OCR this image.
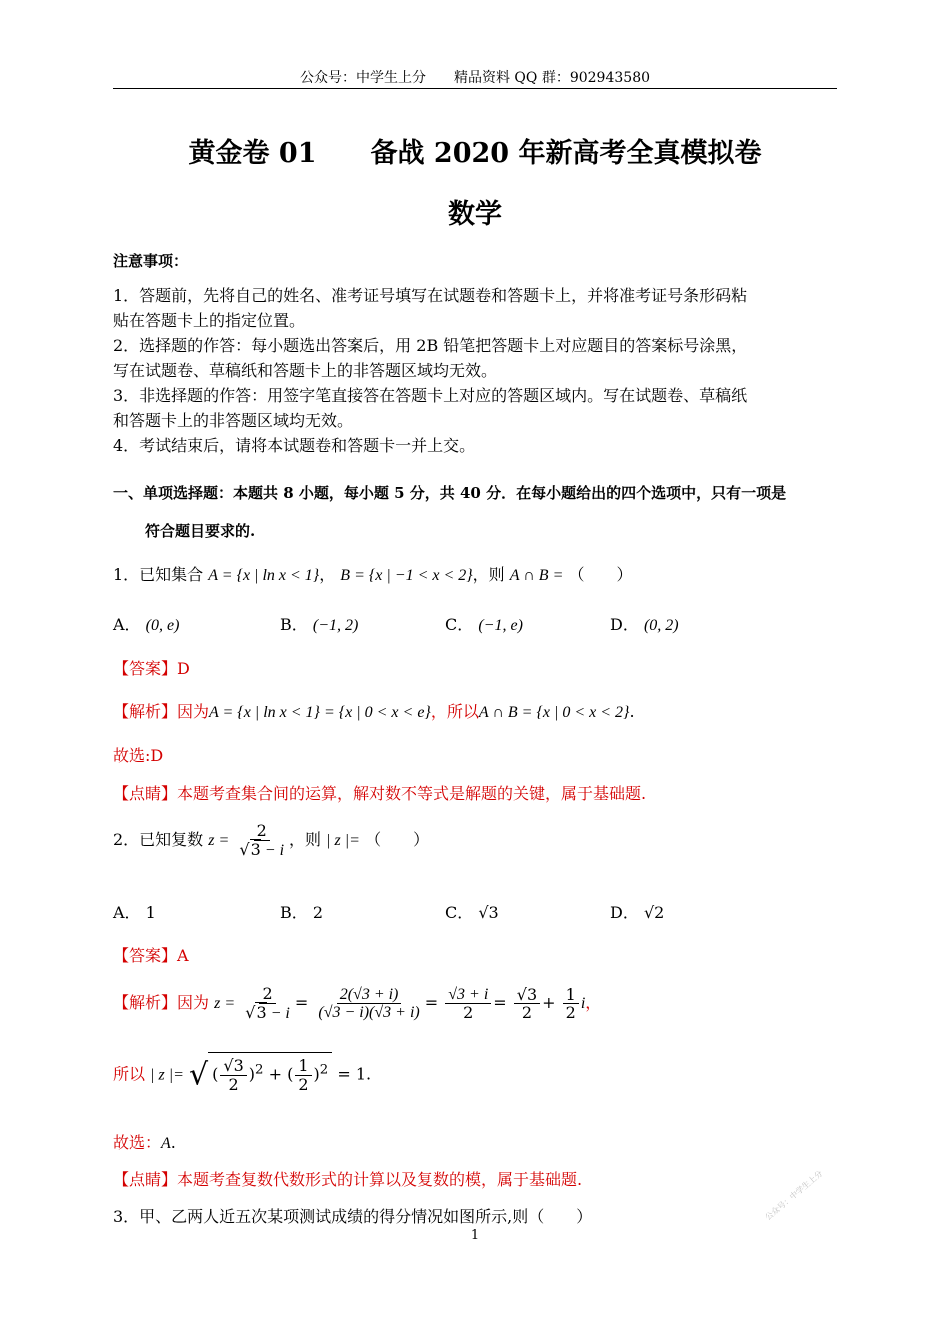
公众号：中学生上分　　精品资料 QQ 群：902943580
黄金卷 01　　备战 2020 年新高考全真模拟卷
数学
注意事项：
1．答题前，先将自己的姓名、准考证号填写在试题卷和答题卡上，并将准考证号条形码粘
贴在答题卡上的指定位置。
2．选择题的作答：每小题选出答案后，用 2B 铅笔把答题卡上对应题目的答案标号涂黑，
写在试题卷、草稿纸和答题卡上的非答题区域均无效。
3．非选择题的作答：用签字笔直接答在答题卡上对应的答题区域内。写在试题卷、草稿纸
和答题卡上的非答题区域均无效。
4．考试结束后，请将本试题卷和答题卡一并上交。
一、单项选择题：本题共 8 小题，每小题 5 分，共 40 分．在每小题给出的四个选项中，只有一项是
符合题目要求的.
1．已知集合 A = {x | ln x < 1}， B = {x | −1 < x < 2}，则 A ∩ B = （　　）
A． (0, e)	B． (−1, 2)	C． (−1, e)	D． (0, 2)
【答案】D
【解析】因为A = {x | ln x < 1} = {x | 0 < x < e}，所以A ∩ B = {x | 0 < x < 2}.
故选:D
【点睛】本题考查集合间的运算，解对数不等式是解题的关键，属于基础题.
2．已知复数 $z = \frac{2}{√3 - i}$ ，则 | z |= （　　）
A． 1	B． 2	C． √3	D． √2
【答案】A
【解析】因为 $z = \frac{2}{√3 - i} = \frac{2(√3 + i)}{(√3 - i)(√3 + i)} = \frac{√3 + i}{2} = \frac{√3}{2} + \frac{1}{2}$ i，
所以 | z |= √( $\frac{√3}{2} )^2$ + ( $\frac{1}{2} )^2 = 1$.
故选：A.
【点睛】本题考查复数代数形式的计算以及复数的模，属于基础题.
3．甲、乙两人近五次某项测试成绩的得分情况如图所示,则（　　）	公众号：中学生上分
1
